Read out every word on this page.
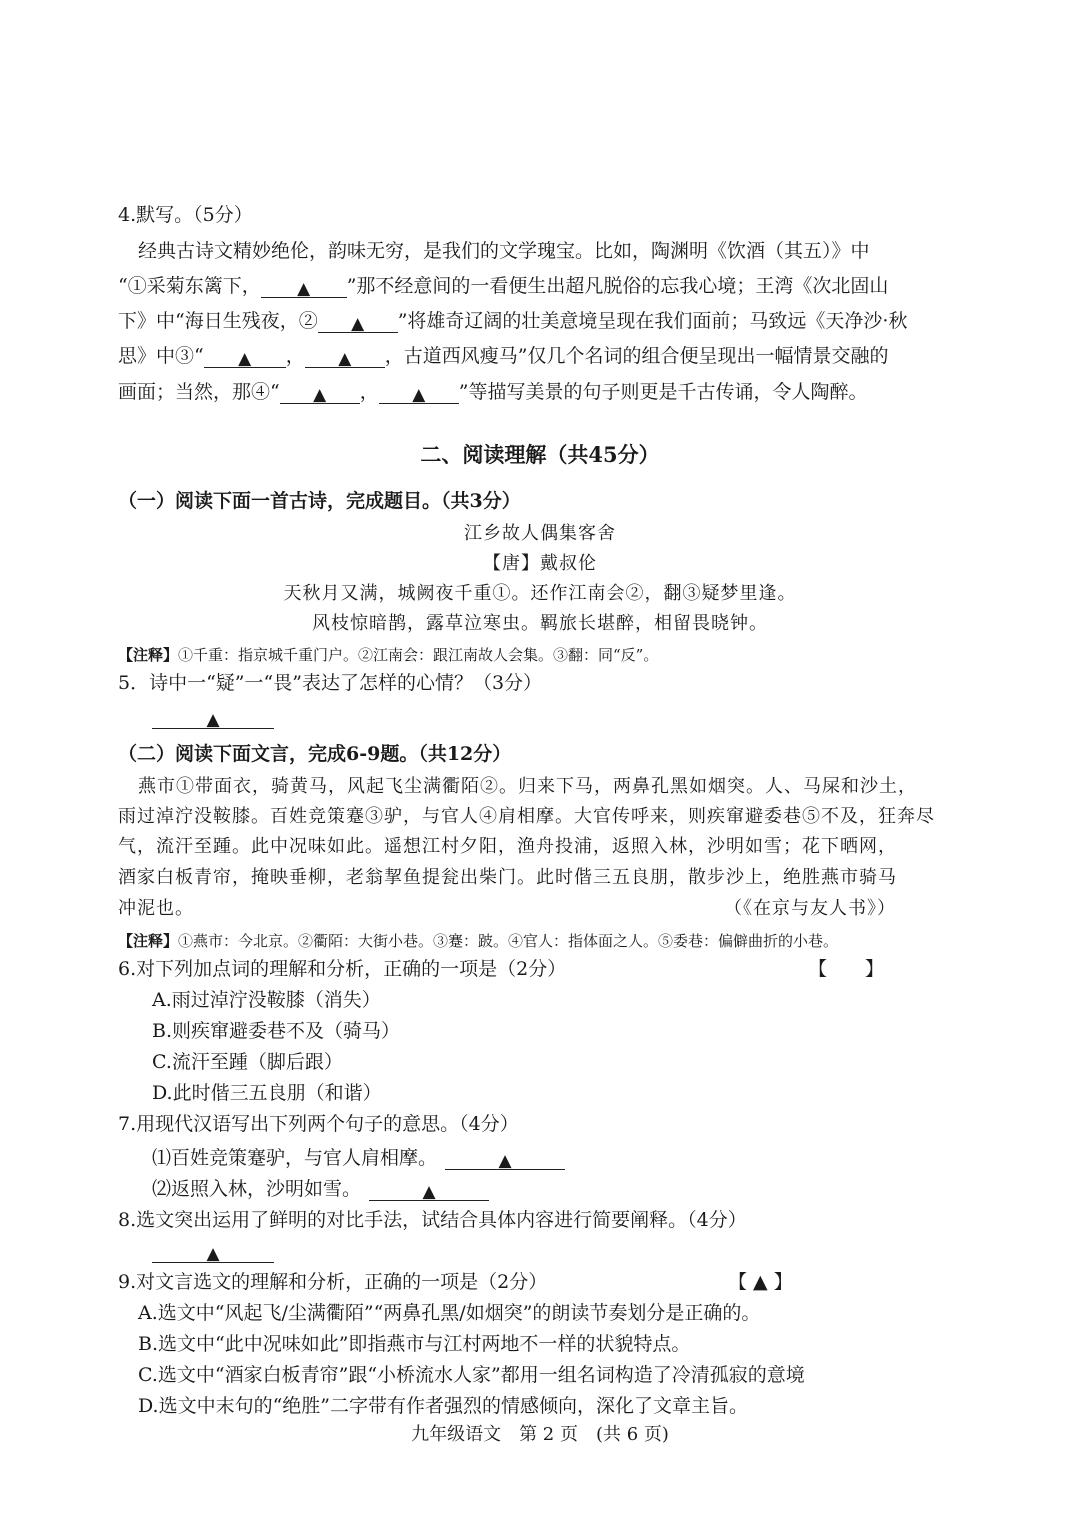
4.默写。（5分）
经典古诗文精妙绝伦，韵味无穷，是我们的文学瑰宝。比如，陶渊明《饮酒（其五）》中
“①采菊东篱下， ▲ ”那不经意间的一看便生出超凡脱俗的忘我心境；王湾《次北固山
下》中“海日生残夜，② ▲ ”将雄奇辽阔的壮美意境呈现在我们面前；马致远《天净沙·秋
思》中③“ ▲ ， ▲ ，古道西风瘦马”仅几个名词的组合便呈现出一幅情景交融的
画面；当然，那④“ ▲ ， ▲ ”等描写美景的句子则更是千古传诵，令人陶醉。
二、阅读理解（共45分）
（一）阅读下面一首古诗，完成题目。（共3分）
江乡故人偶集客舍
【唐】戴叔伦
天秋月又满，城阙夜千重①。还作江南会②，翻③疑梦里逢。
风枝惊暗鹊，露草泣寒虫。羁旅长堪醉，相留畏晓钟。
【注释】①千重：指京城千重门户。②江南会：跟江南故人会集。③翻：同“反”。
5．诗中一“疑”一“畏”表达了怎样的心情？（3分）
▲
（二）阅读下面文言，完成6-9题。（共12分）
燕市①带面衣，骑黄马，风起飞尘满衢陌②。归来下马，两鼻孔黑如烟突。人、马屎和沙土，
雨过淖泞没鞍膝。百姓竞策蹇③驴，与官人④肩相摩。大官传呼来，则疾窜避委巷⑤不及，狂奔尽
气，流汗至踵。此中况味如此。遥想江村夕阳，渔舟投浦，返照入林，沙明如雪；花下晒网，
酒家白板青帘，掩映垂柳，老翁挈鱼提瓮出柴门。此时偕三五良朋，散步沙上，绝胜燕市骑马
冲泥也。	（《在京与友人书》）
【注释】①燕市：今北京。②衢陌：大街小巷。③蹇：跛。④官人：指体面之人。⑤委巷：偏僻曲折的小巷。
6.对下列加点词的理解和分析，正确的一项是（2分）	【　　】
A.雨过淖泞没鞍膝（消失）
B.则疾窜避委巷不及（骑马）
C.流汗至踵（脚后跟）
D.此时偕三五良朋（和谐）
7.用现代汉语写出下列两个句子的意思。（4分）
⑴百姓竞策蹇驴，与官人肩相摩。	▲
⑵返照入林，沙明如雪。	▲
8.选文突出运用了鲜明的对比手法，试结合具体内容进行简要阐释。（4分）
▲
9.对文言选文的理解和分析，正确的一项是（2分）	【 ▲ 】
A.选文中“风起飞/尘满衢陌”“两鼻孔黑/如烟突”的朗读节奏划分是正确的。
B.选文中“此中况味如此”即指燕市与江村两地不一样的状貌特点。
C.选文中“酒家白板青帘”跟“小桥流水人家”都用一组名词构造了冷清孤寂的意境
D.选文中末句的“绝胜”二字带有作者强烈的情感倾向，深化了文章主旨。
九年级语文　第 2 页　(共 6 页)
